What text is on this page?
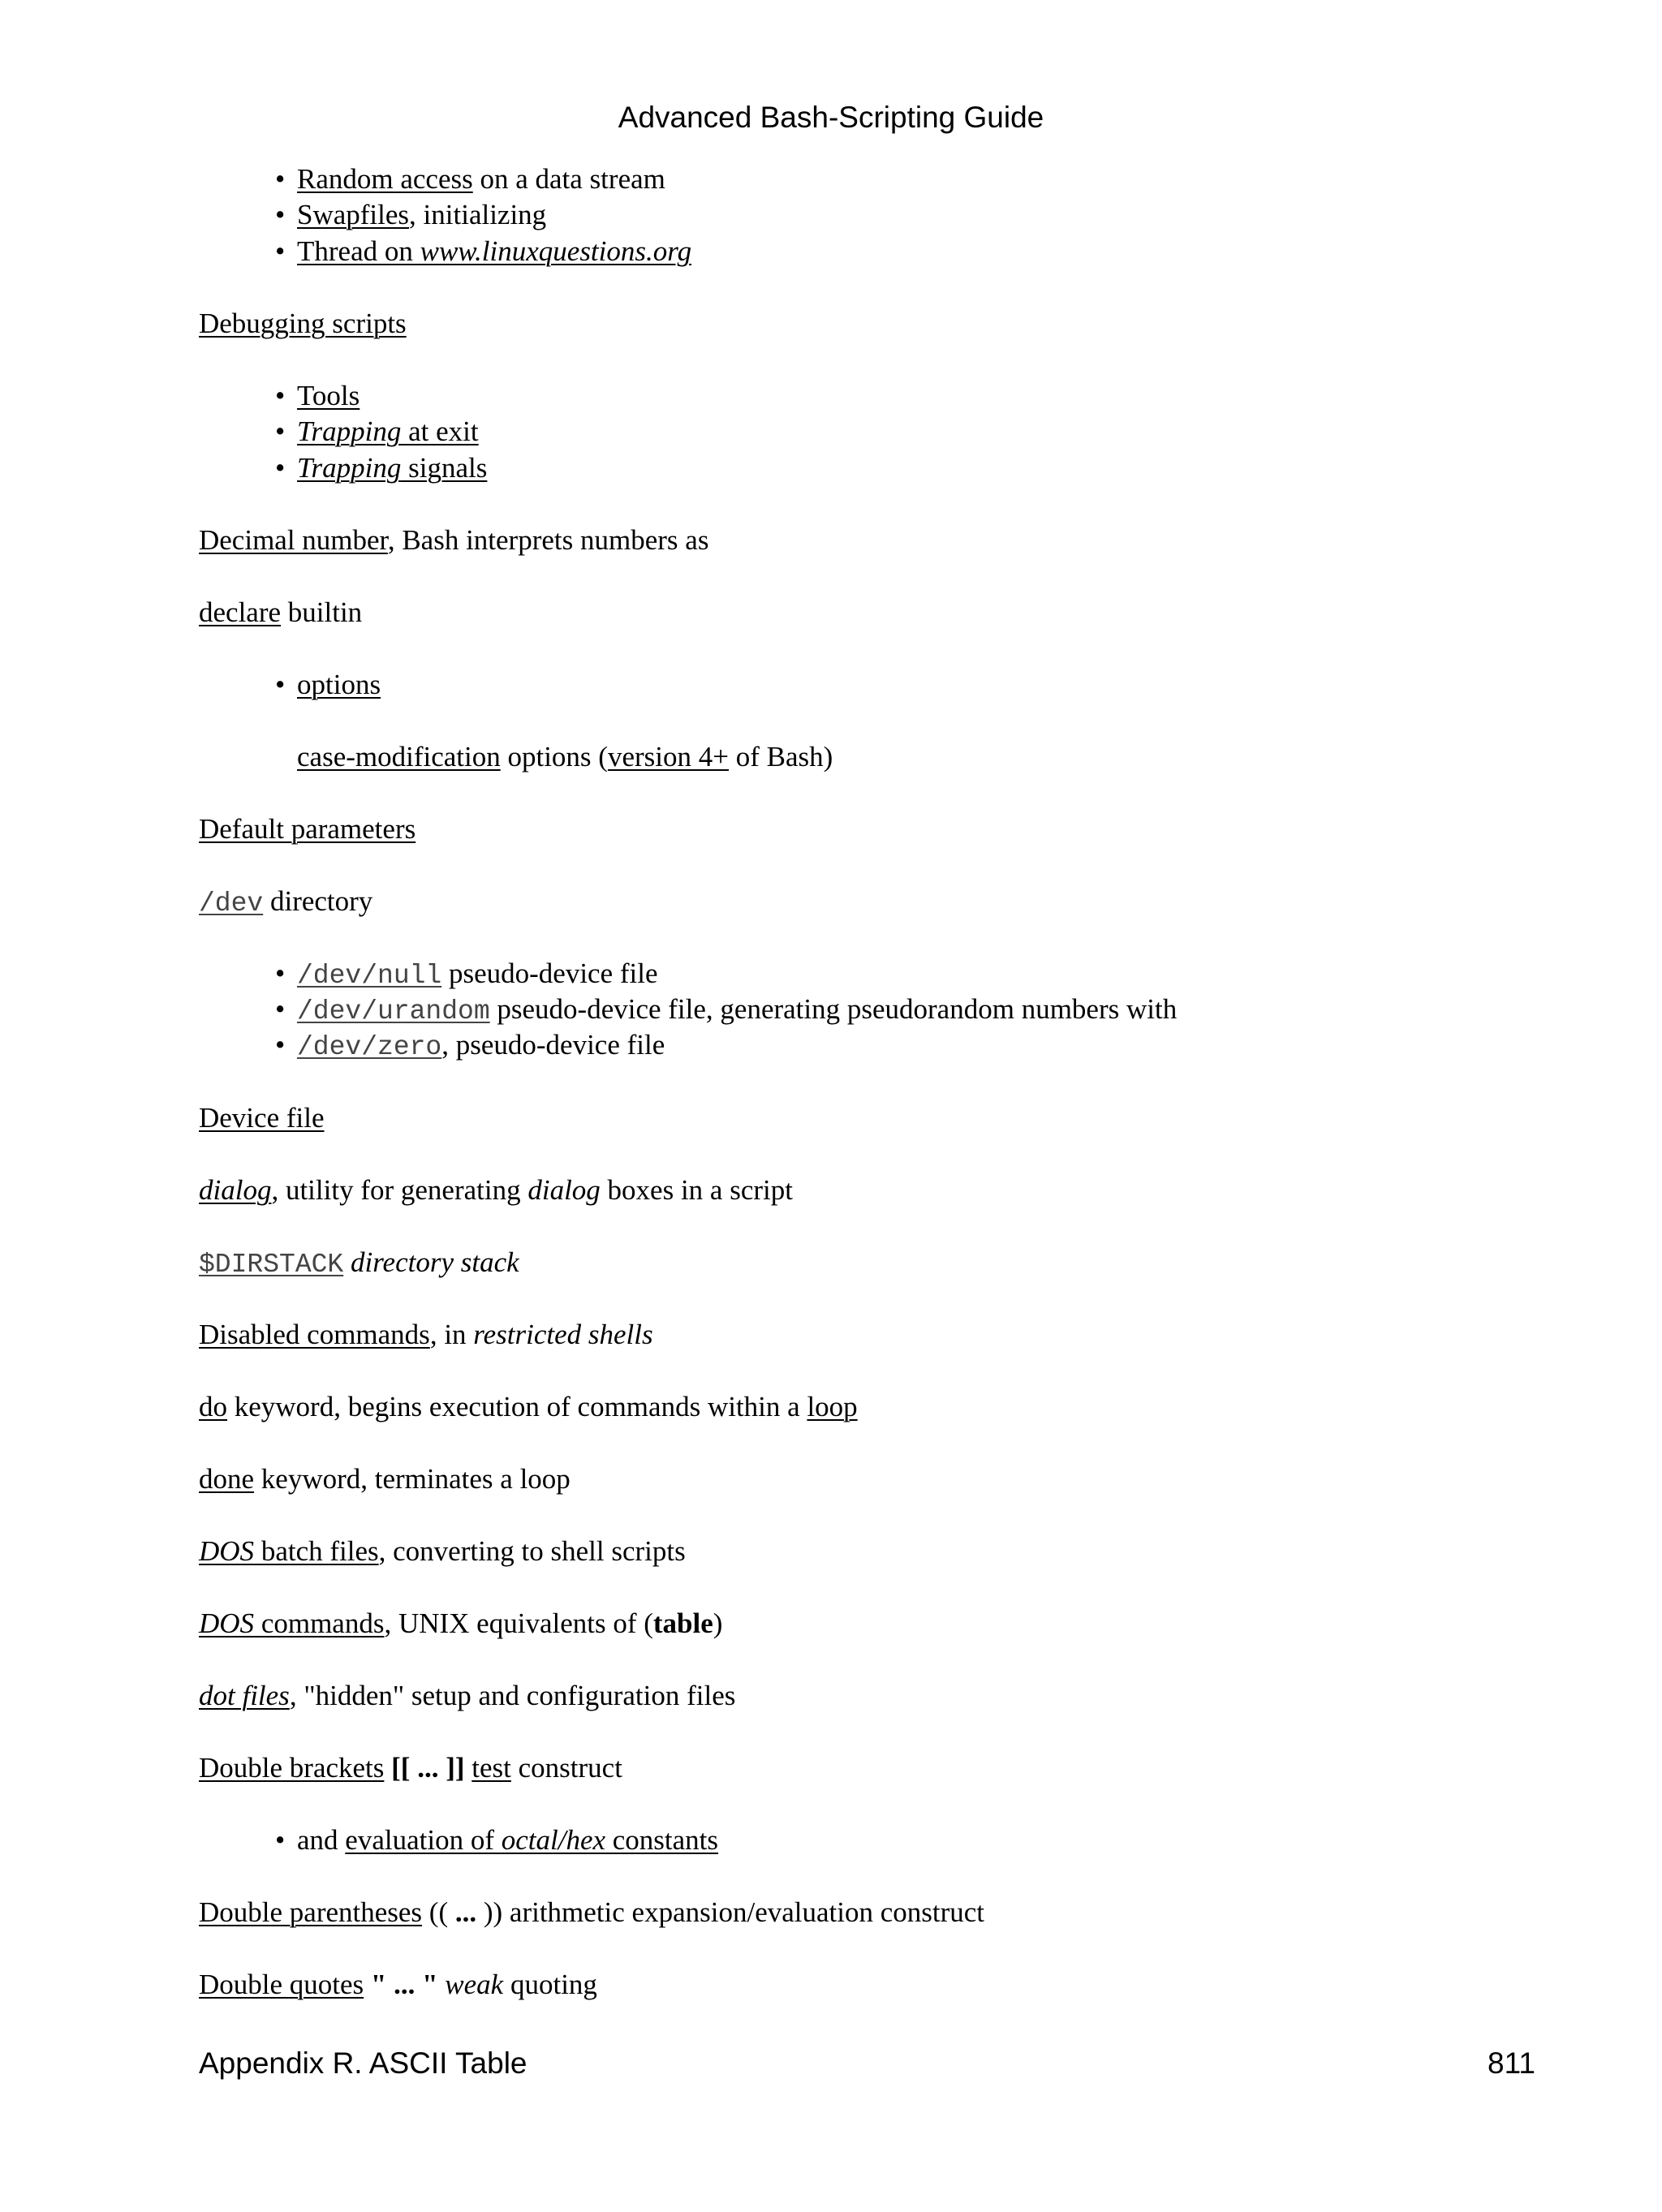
Advanced Bash-Scripting Guide
• Random access on a data stream
• Swapfiles, initializing
• Thread on www.linuxquestions.org
Debugging scripts
• Tools
• Trapping at exit
• Trapping signals
Decimal number, Bash interprets numbers as
declare builtin
• options
case-modification options (version 4+ of Bash)
Default parameters
/dev directory
• /dev/null pseudo-device file
• /dev/urandom pseudo-device file, generating pseudorandom numbers with
• /dev/zero, pseudo-device file
Device file
dialog, utility for generating dialog boxes in a script
$DIRSTACK directory stack
Disabled commands, in restricted shells
do keyword, begins execution of commands within a loop
done keyword, terminates a loop
DOS batch files, converting to shell scripts
DOS commands, UNIX equivalents of (table)
dot files, "hidden" setup and configuration files
Double brackets [[ ... ]] test construct
• and evaluation of octal/hex constants
Double parentheses (( ... )) arithmetic expansion/evaluation construct
Double quotes " ... " weak quoting
Appendix R. ASCII Table	811
